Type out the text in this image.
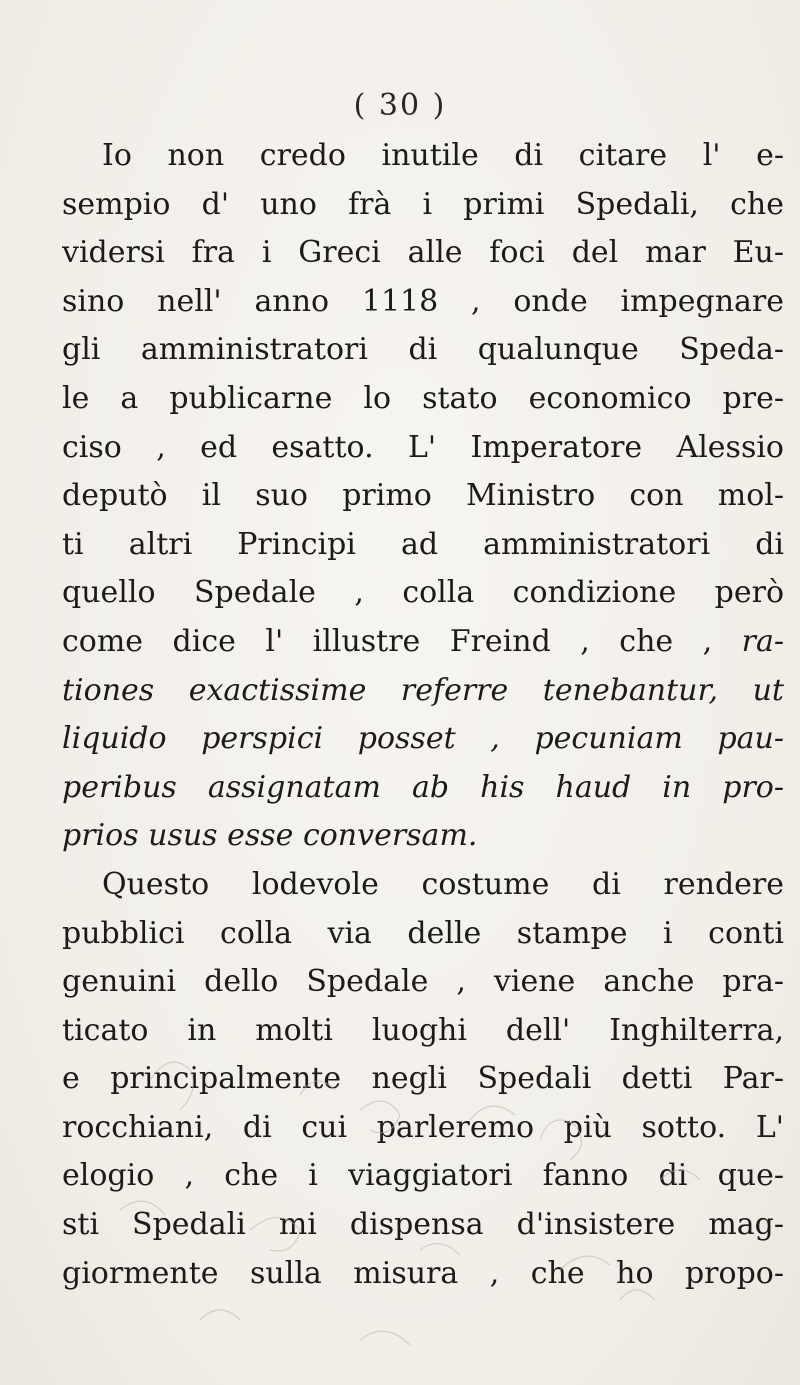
( 30 )
Io non credo inutile di citare l' e-
sempio d' uno frà i primi Spedali, che
vidersi fra i Greci alle foci del mar Eu-
sino nell' anno 1118 , onde impegnare
gli amministratori di qualunque Speda-
le a publicarne lo stato economico pre-
ciso , ed esatto. L' Imperatore Alessio
deputò il suo primo Ministro con mol-
ti altri Principi ad amministratori di
quello Spedale , colla condizione però
come dice l' illustre Freind , che , ra-
tiones exactissime referre tenebantur, ut
liquido perspici posset , pecuniam pau-
peribus assignatam ab his haud in pro-
prios usus esse conversam.
Questo lodevole costume di rendere
pubblici colla via delle stampe i conti
genuini dello Spedale , viene anche pra-
ticato in molti luoghi dell' Inghilterra,
e principalmente negli Spedali detti Par-
rocchiani, di cui parleremo più sotto. L'
elogio , che i viaggiatori fanno di que-
sti Spedali mi dispensa d'insistere mag-
giormente sulla misura , che ho propo-
